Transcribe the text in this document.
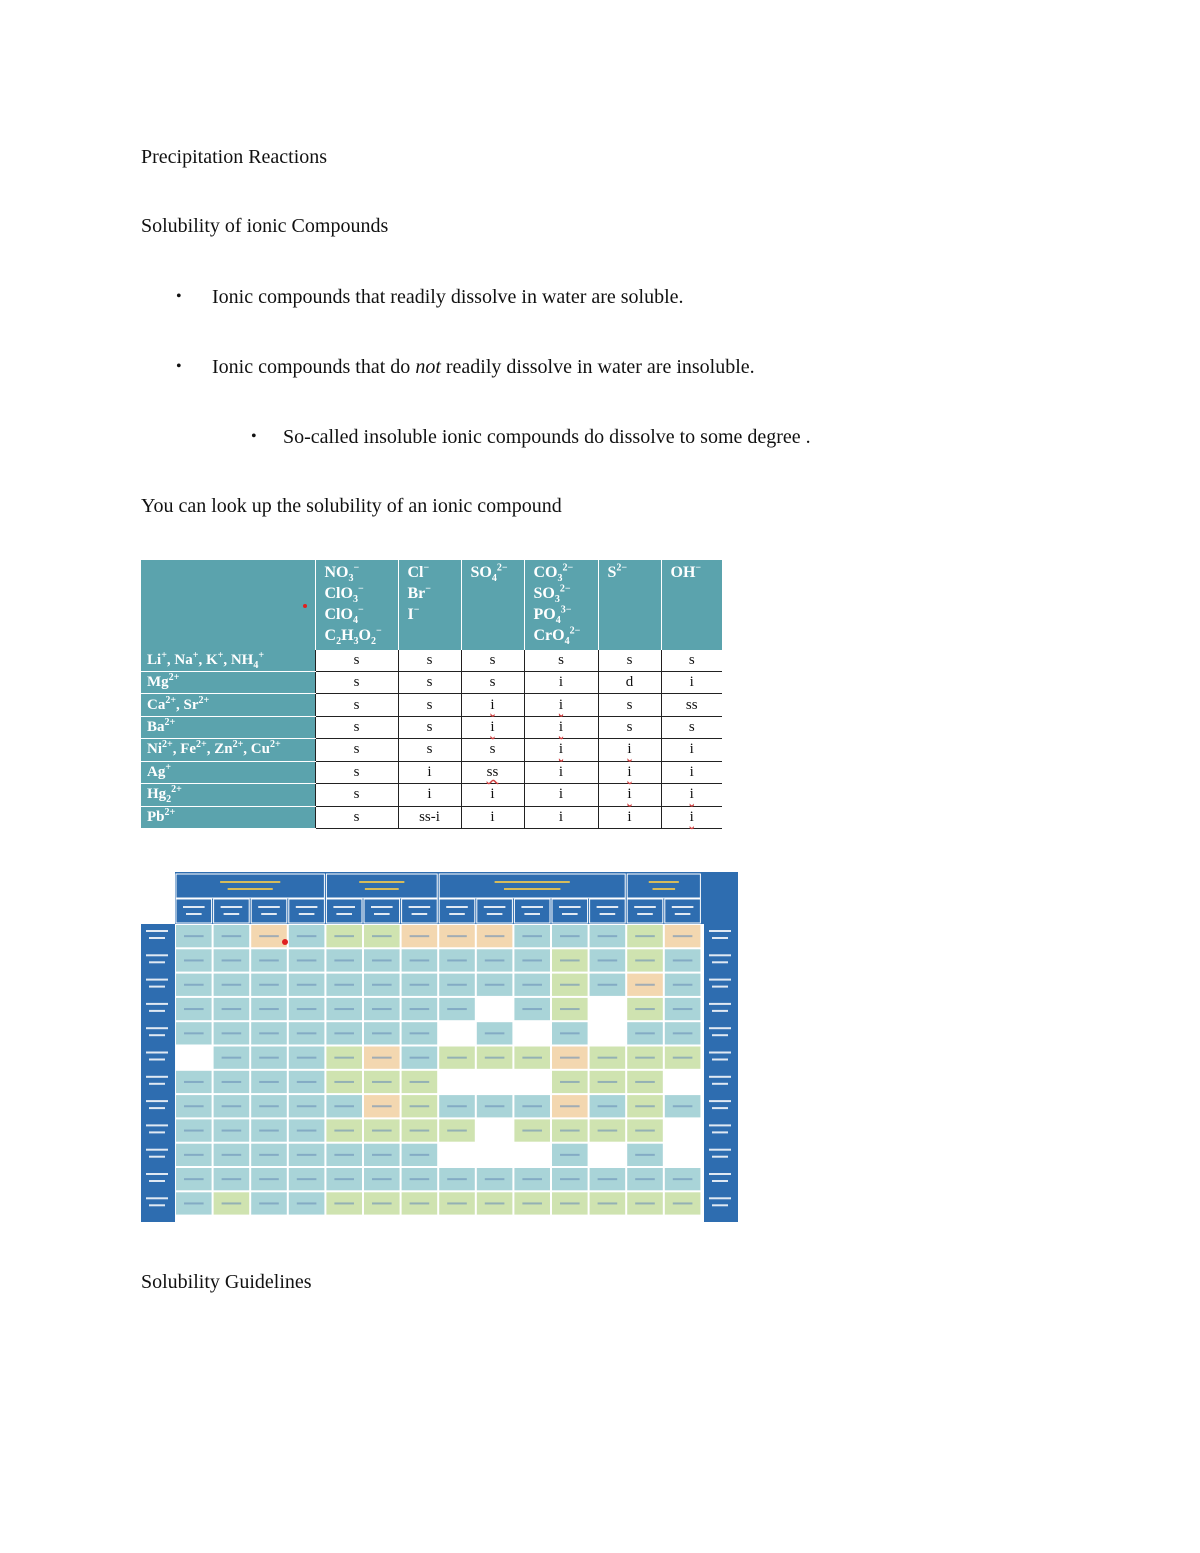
Precipitation Reactions
Solubility of ionic Compounds
• Ionic compounds that readily dissolve in water are soluble.
• Ionic compounds that do not readily dissolve in water are insoluble.
• So-called insoluble ionic compounds do dissolve to some degree .
You can look up the solubility of an ionic compound
	$NO_3^-$
ClO$_3$−
ClO$_4$−
$C_2H_3O_2^-$	Cl−
Br−
I−	$SO_4^{2-}$	$CO_3^{2-}$
$SO_3^{2-}$
$PO_4^{3-}$
CrO$_4^{2-}$	$S^{2-}$	OH−
Li+, Na+, K+, $NH_4^+$	s	s	s	s	s	s
$Mg^{2+}$	s	s	s	i	d	i
$Ca^{2+}$, $Sr^{2+}$	s	s	i	i	s	ss
$Ba^{2+}$	s	s	i	i	s	s
$Ni^{2+}$, $Fe^{2+}$, $Zn^{2+}$, $Cu^{2+}$	s	s	s	i	i	i
Ag+	s	i	ss	i	i	i
$Hg_2^{2+}$	s	i	i	i	i	i
$Pb^{2+}$	s	ss-i	i	i	i	i
Solubility Guidelines
